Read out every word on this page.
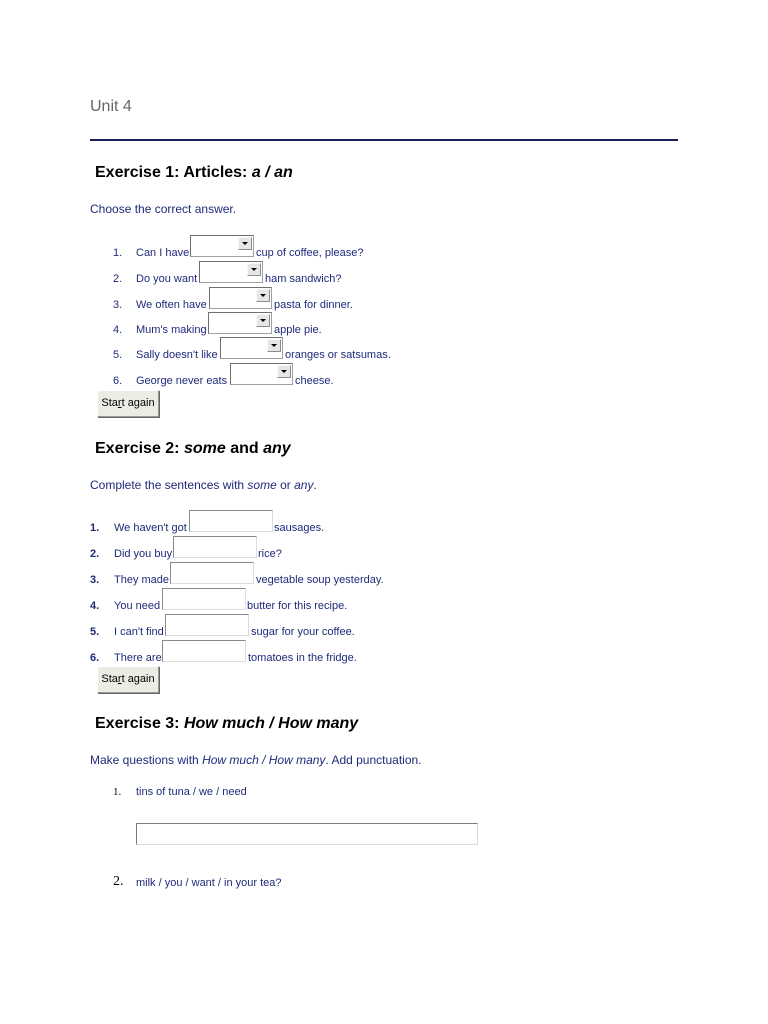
Unit 4
Exercise 1: Articles: a / an
Choose the correct answer.
1. Can I have	cup of coffee, please?
2. Do you want	ham sandwich?
3. We often have	pasta for dinner.
4. Mum's making	apple pie.
5. Sally doesn't like	oranges or satsumas.
6. George never eats	cheese.
Start again
Exercise 2: some and any
Complete the sentences with some or any.
1. We haven't got	sausages.
2. Did you buy	rice?
3. They made	vegetable soup yesterday.
4. You need	butter for this recipe.
5. I can't find	sugar for your coffee.
6. There are	tomatoes in the fridge.
Start again
Exercise 3: How much / How many
Make questions with How much / How many. Add punctuation.
1. tins of tuna / we / need
2. milk / you / want / in your tea?
